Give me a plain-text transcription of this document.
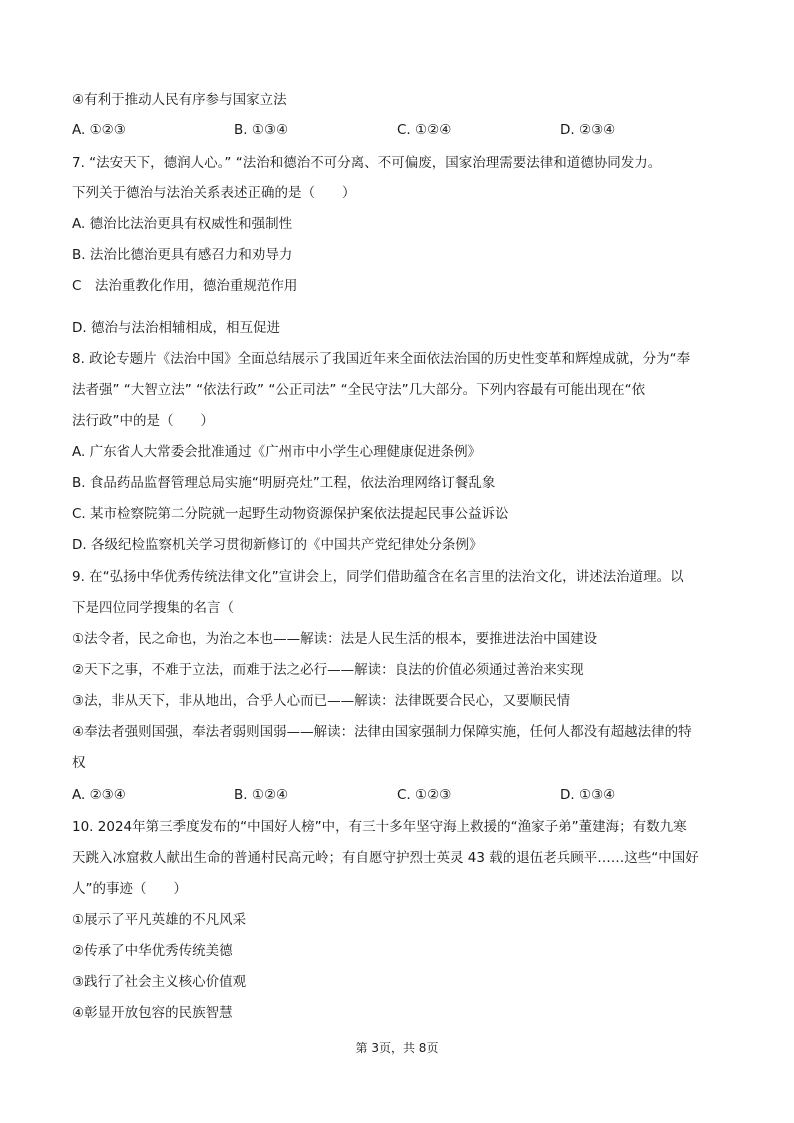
④有利于推动人民有序参与国家立法
A. ①②③	B. ①③④	C. ①②④	D. ②③④
7. “法安天下，德润人心。” “法治和德治不可分离、不可偏废，国家治理需要法律和道德协同发力。
下列关于德治与法治关系表述正确的是（　　）
A. 德治比法治更具有权威性和强制性
B. 法治比德治更具有感召力和劝导力
C　法治重教化作用，德治重规范作用
D. 德治与法治相辅相成，相互促进
8. 政论专题片《法治中国》全面总结展示了我国近年来全面依法治国的历史性变革和辉煌成就，分为“奉
法者强” “大智立法” “依法行政” “公正司法” “全民守法”几大部分。下列内容最有可能出现在“依
法行政”中的是（　　）
A. 广东省人大常委会批准通过《广州市中小学生心理健康促进条例》
B. 食品药品监督管理总局实施“明厨亮灶”工程，依法治理网络订餐乱象
C. 某市检察院第二分院就一起野生动物资源保护案依法提起民事公益诉讼
D. 各级纪检监察机关学习贯彻新修订的《中国共产党纪律处分条例》
9. 在“弘扬中华优秀传统法律文化”宣讲会上，同学们借助蕴含在名言里的法治文化，讲述法治道理。以
下是四位同学搜集的名言（
①法令者，民之命也，为治之本也——解读：法是人民生活的根本，要推进法治中国建设
②天下之事，不难于立法，而难于法之必行——解读：良法的价值必须通过善治来实现
③法，非从天下，非从地出，合乎人心而已——解读：法律既要合民心，又要顺民情
④奉法者强则国强，奉法者弱则国弱——解读：法律由国家强制力保障实施，任何人都没有超越法律的特
权
A. ②③④	B. ①②④	C. ①②③	D. ①③④
10. 2024年第三季度发布的“中国好人榜”中，有三十多年坚守海上救援的“渔家子弟”董建海；有数九寒
天跳入冰窟救人献出生命的普通村民高元岭；有自愿守护烈士英灵 43 载的退伍老兵顾平……这些“中国好
人”的事迹（　　）
①展示了平凡英雄的不凡风采
②传承了中华优秀传统美德
③践行了社会主义核心价值观
④彰显开放包容的民族智慧
第 3页，共 8页
